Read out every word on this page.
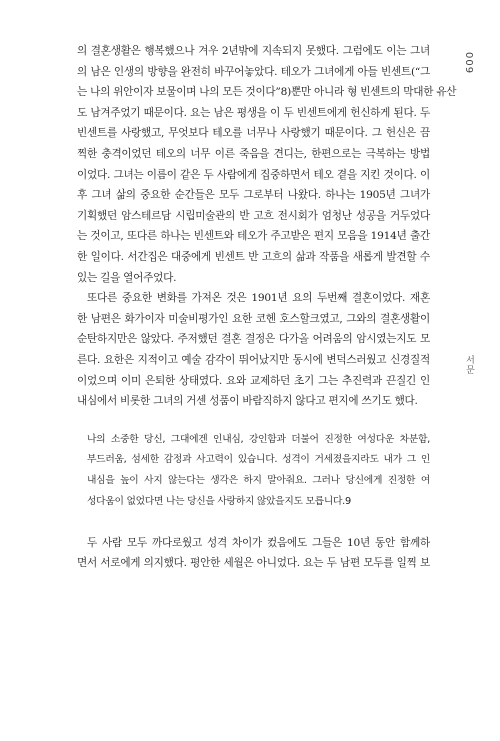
009
서문

의 결혼생활은 행복했으나 겨우 2년밖에 지속되지 못했다. 그럼에도 이는 그녀
의 남은 인생의 방향을 완전히 바꾸어놓았다. 테오가 그녀에게 아들 빈센트(“그
는 나의 위안이자 보물이며 나의 모든 것이다”8)뿐만 아니라 형 빈센트의 막대한 유산
도 남겨주었기 때문이다. 요는 남은 평생을 이 두 빈센트에게 헌신하게 된다. 두
빈센트를 사랑했고, 무엇보다 테오를 너무나 사랑했기 때문이다. 그 헌신은 끔
찍한 충격이었던 테오의 너무 이른 죽음을 견디는, 한편으로는 극복하는 방법
이었다. 그녀는 이름이 같은 두 사람에게 집중하면서 테오 곁을 지킨 것이다. 이
후 그녀 삶의 중요한 순간들은 모두 그로부터 나왔다. 하나는 1905년 그녀가
기획했던 암스테르담 시립미술관의 반 고흐 전시회가 엄청난 성공을 거두었다
는 것이고, 또다른 하나는 빈센트와 테오가 주고받은 편지 모음을 1914년 출간
한 일이다. 서간집은 대중에게 빈센트 반 고흐의 삶과 작품을 새롭게 발견할 수
있는 길을 열어주었다.

또다른 중요한 변화를 가져온 것은 1901년 요의 두번째 결혼이었다. 재혼
한 남편은 화가이자 미술비평가인 요한 코헨 호스할크였고, 그와의 결혼생활이
순탄하지만은 않았다. 주저했던 결혼 결정은 다가올 어려움의 암시였는지도 모
른다. 요한은 지적이고 예술 감각이 뛰어났지만 동시에 변덕스러웠고 신경질적
이었으며 이미 은퇴한 상태였다. 요와 교제하던 초기 그는 추진력과 끈질긴 인
내심에서 비롯한 그녀의 거센 성품이 바람직하지 않다고 편지에 쓰기도 했다.

나의 소중한 당신, 그대에겐 인내심, 강인함과 더불어 진정한 여성다운 차분함,
부드러움, 섬세한 감정과 사고력이 있습니다. 성격이 거세졌을지라도 내가 그 인
내심을 높이 사지 않는다는 생각은 하지 말아줘요. 그러나 당신에게 진정한 여
성다움이 없었다면 나는 당신을 사랑하지 않았을지도 모릅니다.9

두 사람 모두 까다로웠고 성격 차이가 컸음에도 그들은 10년 동안 함께하
면서 서로에게 의지했다. 평안한 세월은 아니었다. 요는 두 남편 모두를 일찍 보
